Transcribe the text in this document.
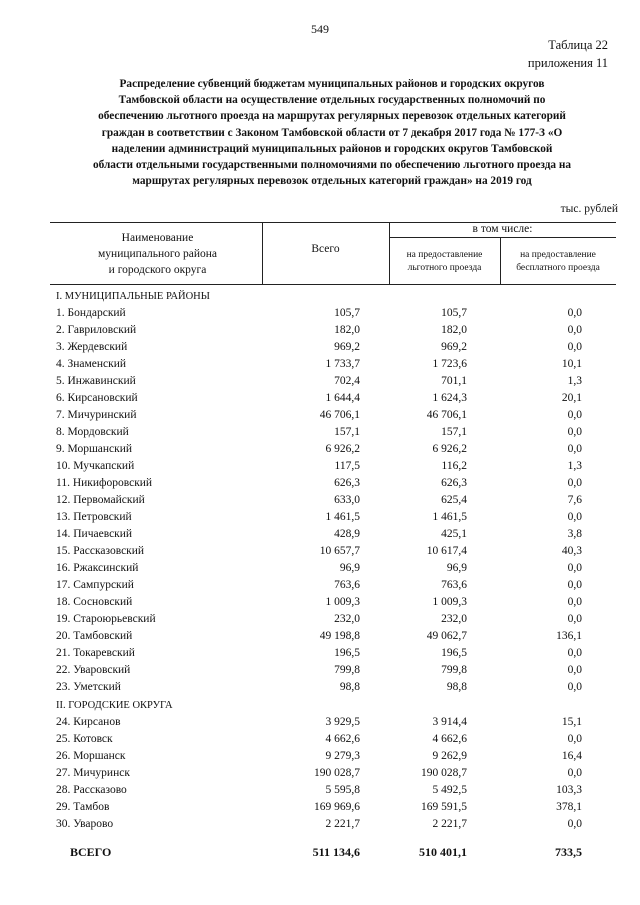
549
Таблица 22
приложения 11
Распределение субвенций бюджетам муниципальных районов и городских округов
Тамбовской области на осуществление отдельных государственных полномочий по
обеспечению льготного проезда на маршрутах регулярных перевозок отдельных категорий
граждан в соответствии с Законом Тамбовской области от 7 декабря 2017 года № 177-З «О
наделении администраций муниципальных районов и городских округов Тамбовской
области отдельными государственными полномочиями по обеспечению льготного проезда на
маршрутах регулярных перевозок отдельных категорий граждан» на 2019 год
тыс. рублей
Наименование
муниципального района
и городского округа
Всего
в том числе:
на предоставление
льготного проезда
на предоставление
бесплатного проезда
I. МУНИЦИПАЛЬНЫЕ РАЙОНЫ
1. Бондарский	105,7	105,7	0,0
2. Гавриловский	182,0	182,0	0,0
3. Жердевский	969,2	969,2	0,0
4. Знаменский	1 733,7	1 723,6	10,1
5. Инжавинский	702,4	701,1	1,3
6. Кирсановский	1 644,4	1 624,3	20,1
7. Мичуринский	46 706,1	46 706,1	0,0
8. Мордовский	157,1	157,1	0,0
9. Моршанский	6 926,2	6 926,2	0,0
10. Мучкапский	117,5	116,2	1,3
11. Никифоровский	626,3	626,3	0,0
12. Первомайский	633,0	625,4	7,6
13. Петровский	1 461,5	1 461,5	0,0
14. Пичаевский	428,9	425,1	3,8
15. Рассказовский	10 657,7	10 617,4	40,3
16. Ржаксинский	96,9	96,9	0,0
17. Сампурский	763,6	763,6	0,0
18. Сосновский	1 009,3	1 009,3	0,0
19. Староюрьевский	232,0	232,0	0,0
20. Тамбовский	49 198,8	49 062,7	136,1
21. Токаревский	196,5	196,5	0,0
22. Уваровский	799,8	799,8	0,0
23. Уметский	98,8	98,8	0,0
II. ГОРОДСКИЕ ОКРУГА
24. Кирсанов	3 929,5	3 914,4	15,1
25. Котовск	4 662,6	4 662,6	0,0
26. Моршанск	9 279,3	9 262,9	16,4
27. Мичуринск	190 028,7	190 028,7	0,0
28. Рассказово	5 595,8	5 492,5	103,3
29. Тамбов	169 969,6	169 591,5	378,1
30. Уварово	2 221,7	2 221,7	0,0
ВСЕГО	511 134,6	510 401,1	733,5
